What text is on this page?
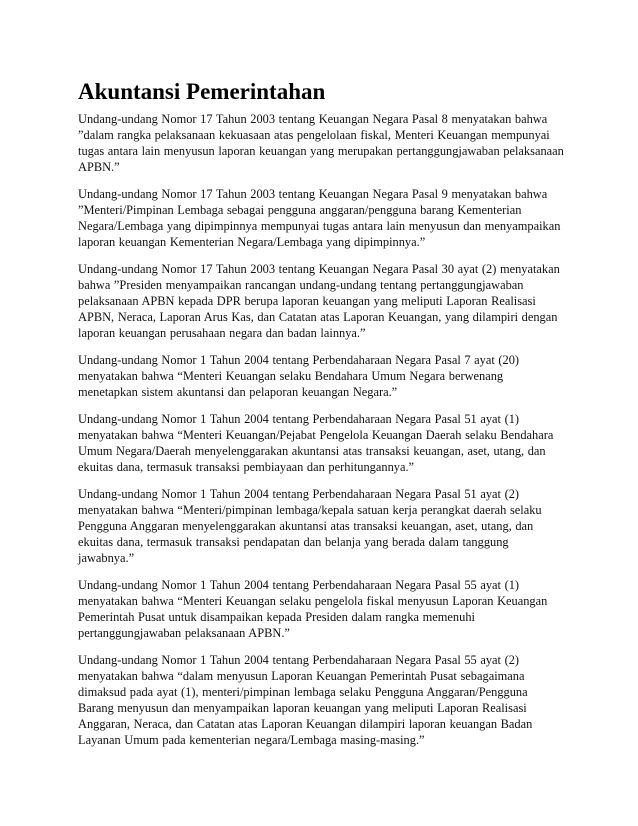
Akuntansi Pemerintahan

Undang-undang Nomor 17 Tahun 2003 tentang Keuangan Negara Pasal 8 menyatakan bahwa ”dalam rangka pelaksanaan kekuasaan atas pengelolaan fiskal, Menteri Keuangan mempunyai tugas antara lain menyusun laporan keuangan yang merupakan pertanggungjawaban pelaksanaan APBN.”

Undang-undang Nomor 17 Tahun 2003 tentang Keuangan Negara Pasal 9 menyatakan bahwa ”Menteri/Pimpinan Lembaga sebagai pengguna anggaran/pengguna barang Kementerian Negara/Lembaga yang dipimpinnya mempunyai tugas antara lain menyusun dan menyampaikan laporan keuangan Kementerian Negara/Lembaga yang dipimpinnya.”

Undang-undang Nomor 17 Tahun 2003 tentang Keuangan Negara Pasal 30 ayat (2) menyatakan bahwa ”Presiden menyampaikan rancangan undang-undang tentang pertanggungjawaban pelaksanaan APBN kepada DPR berupa laporan keuangan yang meliputi Laporan Realisasi APBN, Neraca, Laporan Arus Kas, dan Catatan atas Laporan Keuangan, yang dilampiri dengan laporan keuangan perusahaan negara dan badan lainnya.”

Undang-undang Nomor 1 Tahun 2004 tentang Perbendaharaan Negara Pasal 7 ayat (20) menyatakan bahwa “Menteri Keuangan selaku Bendahara Umum Negara berwenang menetapkan sistem akuntansi dan pelaporan keuangan Negara.”

Undang-undang Nomor 1 Tahun 2004 tentang Perbendaharaan Negara Pasal 51 ayat (1) menyatakan bahwa “Menteri Keuangan/Pejabat Pengelola Keuangan Daerah selaku Bendahara Umum Negara/Daerah menyelenggarakan akuntansi atas transaksi keuangan, aset, utang, dan ekuitas dana, termasuk transaksi pembiayaan dan perhitungannya.”

Undang-undang Nomor 1 Tahun 2004 tentang Perbendaharaan Negara Pasal 51 ayat (2) menyatakan bahwa “Menteri/pimpinan lembaga/kepala satuan kerja perangkat daerah selaku Pengguna Anggaran menyelenggarakan akuntansi atas transaksi keuangan, aset, utang, dan ekuitas dana, termasuk transaksi pendapatan dan belanja yang berada dalam tanggung jawabnya.”

Undang-undang Nomor 1 Tahun 2004 tentang Perbendaharaan Negara Pasal 55 ayat (1) menyatakan bahwa “Menteri Keuangan selaku pengelola fiskal menyusun Laporan Keuangan Pemerintah Pusat untuk disampaikan kepada Presiden dalam rangka memenuhi pertanggungjawaban pelaksanaan APBN.”

Undang-undang Nomor 1 Tahun 2004 tentang Perbendaharaan Negara Pasal 55 ayat (2) menyatakan bahwa “dalam menyusun Laporan Keuangan Pemerintah Pusat sebagaimana dimaksud pada ayat (1), menteri/pimpinan lembaga selaku Pengguna Anggaran/Pengguna Barang menyusun dan menyampaikan laporan keuangan yang meliputi Laporan Realisasi Anggaran, Neraca, dan Catatan atas Laporan Keuangan dilampiri laporan keuangan Badan Layanan Umum pada kementerian negara/Lembaga masing-masing.”
